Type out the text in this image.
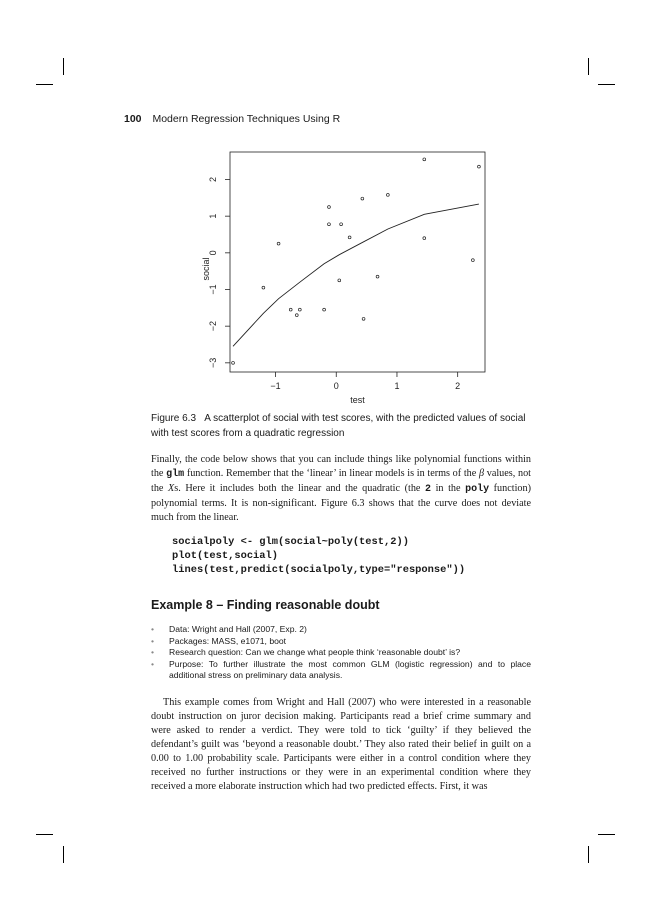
100 Modern Regression Techniques Using R
−1	0	1	2
−3
−2
−1
0
1
2
test
social
Figure 6.3 A scatterplot of social with test scores, with the predicted values of social with test scores from a quadratic regression
Finally, the code below shows that you can include things like polynomial functions within the glm function. Remember that the ‘linear’ in linear models is in terms of the β values, not the Xs. Here it includes both the linear and the quadratic (the 2 in the poly function) polynomial terms. It is non-significant. Figure 6.3 shows that the curve does not deviate much from the linear.
socialpoly <- glm(social~poly(test,2))
plot(test,social)
lines(test,predict(socialpoly,type="response"))
Example 8 – Finding reasonable doubt
• Data: Wright and Hall (2007, Exp. 2)
• Packages: MASS, e1071, boot
• Research question: Can we change what people think ‘reasonable doubt’ is?
• Purpose: To further illustrate the most common GLM (logistic regression) and to place additional stress on preliminary data analysis.
This example comes from Wright and Hall (2007) who were interested in a reasonable doubt instruction on juror decision making. Participants read a brief crime summary and were asked to render a verdict. They were told to tick ‘guilty’ if they believed the defendant’s guilt was ‘beyond a reasonable doubt.’ They also rated their belief in guilt on a 0.00 to 1.00 probability scale. Participants were either in a control condition where they received no further instructions or they were in an experimental condition where they received a more elaborate instruction which had two predicted effects. First, it was
